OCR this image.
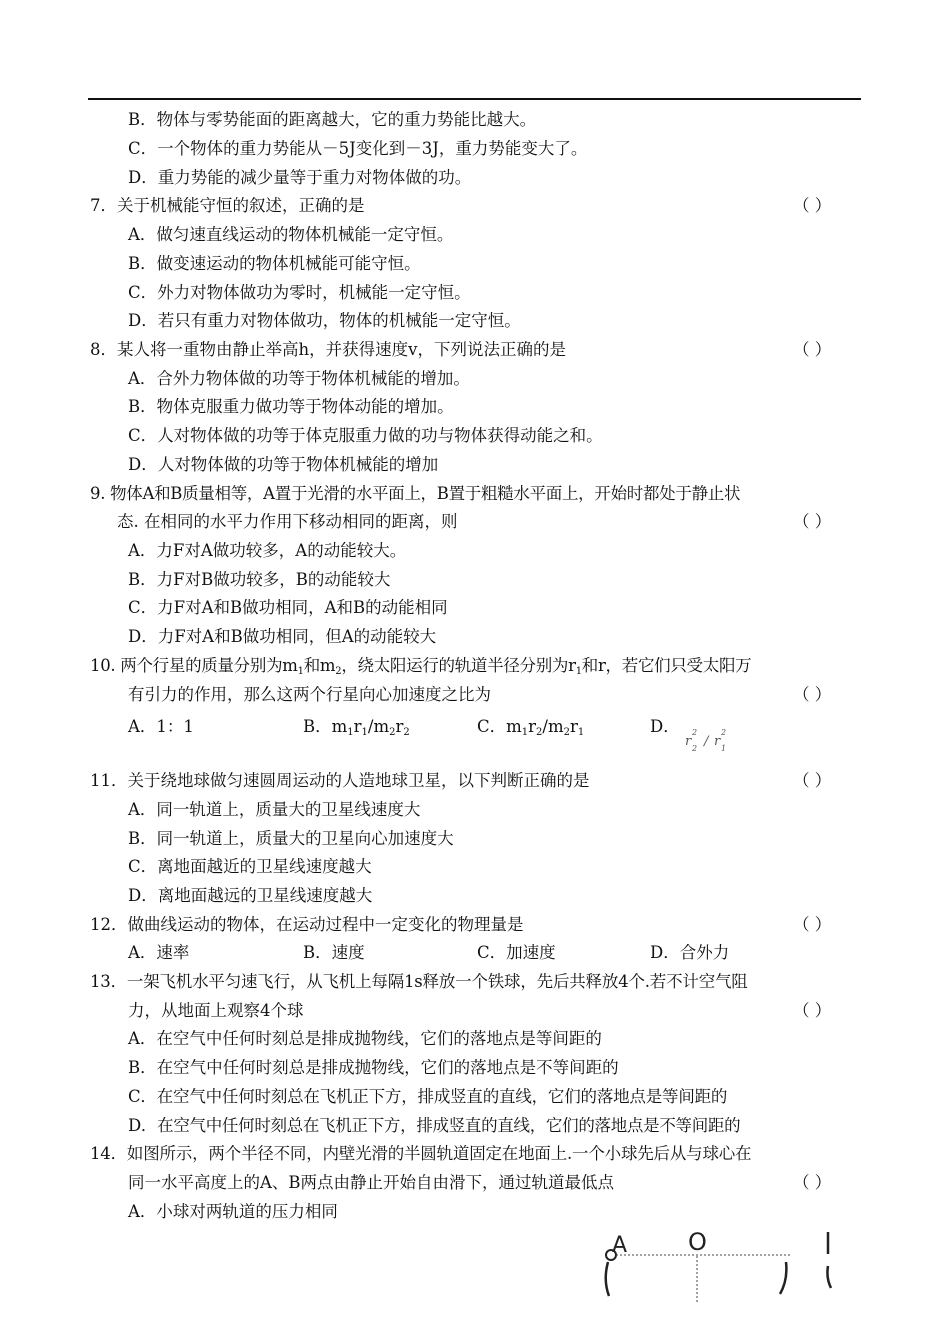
B．物体与零势能面的距离越大，它的重力势能比越大。
C．一个物体的重力势能从－5J变化到－3J，重力势能变大了。
D．重力势能的减少量等于重力对物体做的功。
7．关于机械能守恒的叙述，正确的是	（ ）
A．做匀速直线运动的物体机械能一定守恒。
B．做变速运动的物体机械能可能守恒。
C．外力对物体做功为零时，机械能一定守恒。
D．若只有重力对物体做功，物体的机械能一定守恒。
8．某人将一重物由静止举高h，并获得速度v，下列说法正确的是	（ ）
A．合外力物体做的功等于物体机械能的增加。
B．物体克服重力做功等于物体动能的增加。
C．人对物体做的功等于体克服重力做的功与物体获得动能之和。
D．人对物体做的功等于物体机械能的增加
9. 物体A和B质量相等，A置于光滑的水平面上，B置于粗糙水平面上，开始时都处于静止状
态. 在相同的水平力作用下移动相同的距离，则	（ ）
A．力F对A做功较多，A的动能较大。
B．力F对B做功较多，B的动能较大
C．力F对A和B做功相同，A和B的动能相同
D．力F对A和B做功相同，但A的动能较大
10. 两个行星的质量分别为$m_1$和$m_2$，绕太阳运行的轨道半径分别为$r_1$和r，若它们只受太阳万
有引力的作用，那么这两个行星向心加速度之比为	（ ）
A．1：1	B．$m_1r_1/m_2r_2$	C．$m_1r_2/m_2r_1$	D．
r
2
2 / r
2
1
11．关于绕地球做匀速圆周运动的人造地球卫星，以下判断正确的是	（ ）
A．同一轨道上，质量大的卫星线速度大
B．同一轨道上，质量大的卫星向心加速度大
C．离地面越近的卫星线速度越大
D．离地面越远的卫星线速度越大
12．做曲线运动的物体，在运动过程中一定变化的物理量是	（ ）
A．速率	B．速度	C．加速度	D．合外力
13．一架飞机水平匀速飞行，从飞机上每隔1s释放一个铁球，先后共释放4个.若不计空气阻
力，从地面上观察4个球	（ ）
A．在空气中任何时刻总是排成抛物线，它们的落地点是等间距的
B．在空气中任何时刻总是排成抛物线，它们的落地点是不等间距的
C．在空气中任何时刻总在飞机正下方，排成竖直的直线，它们的落地点是等间距的
D．在空气中任何时刻总在飞机正下方，排成竖直的直线，它们的落地点是不等间距的
14．如图所示，两个半径不同，内壁光滑的半圆轨道固定在地面上.一个小球先后从与球心在
同一水平高度上的A、B两点由静止开始自由滑下，通过轨道最低点	（ ）
A．小球对两轨道的压力相同
A	O
